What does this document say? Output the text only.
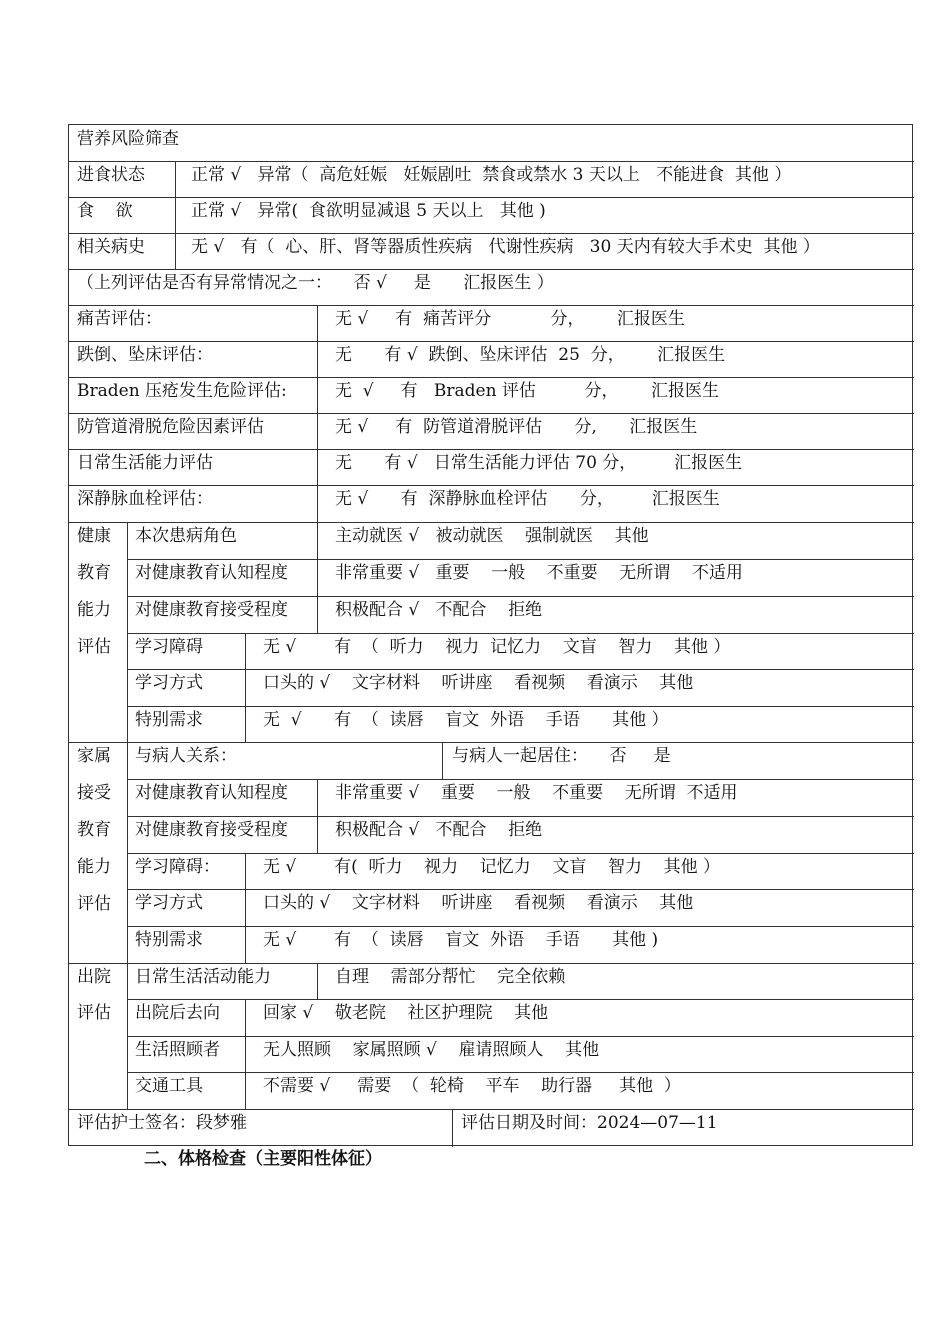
营养风险筛查
进食状态	正常 √   异常（  高危妊娠   妊娠剧吐  禁食或禁水 3 天以上   不能进食  其他 ）
食    欲	正常 √   异常(  食欲明显减退 5 天以上   其他 )
相关病史	无 √   有（  心、肝、肾等器质性疾病   代谢性疾病   30 天内有较大手术史  其他 ）
（上列评估是否有异常情况之一：    否 √     是      汇报医生 ）
痛苦评估：	无 √     有  痛苦评分           分，      汇报医生
跌倒、坠床评估：	无      有 √  跌倒、坠床评估  25  分，      汇报医生
Braden 压疮发生危险评估:	无  √     有   Braden 评估         分，      汇报医生
防管道滑脱危险因素评估	无 √     有  防管道滑脱评估      分,      汇报医生
日常生活能力评估	无      有 √   日常生活能力评估 70 分，       汇报医生
深静脉血栓评估：	无 √      有  深静脉血栓评估      分，       汇报医生
健康
教育
能力
评估
本次患病角色	主动就医 √   被动就医    强制就医    其他
对健康教育认知程度	非常重要 √   重要    一般    不重要    无所谓    不适用
对健康教育接受程度	积极配合 √   不配合    拒绝
学习障碍	无 √       有  （  听力    视力  记忆力    文盲    智力    其他 ）
学习方式	口头的 √    文字材料    听讲座    看视频    看演示    其他
特别需求	无  √      有  （  读唇    盲文  外语    手语      其他 ）
家属
接受
教育
能力
评估
与病人关系：	与病人一起居住：    否     是
对健康教育认知程度	非常重要 √    重要    一般    不重要    无所谓  不适用
对健康教育接受程度	积极配合 √   不配合    拒绝
学习障碍：	无 √       有(  听力    视力    记忆力    文盲    智力    其他 ）
学习方式	口头的 √    文字材料    听讲座    看视频    看演示    其他
特别需求	无 √       有  （  读唇    盲文  外语    手语      其他 )
出院
评估
日常生活活动能力	自理    需部分帮忙    完全依赖
出院后去向	回家 √    敬老院    社区护理院    其他
生活照顾者	无人照顾    家属照顾 √    雇请照顾人    其他
交通工具	不需要 √     需要  （  轮椅    平车    助行器     其他  ）
评估护士签名：段梦雅	评估日期及时间：2024—07—11
二、体格检查（主要阳性体征）
